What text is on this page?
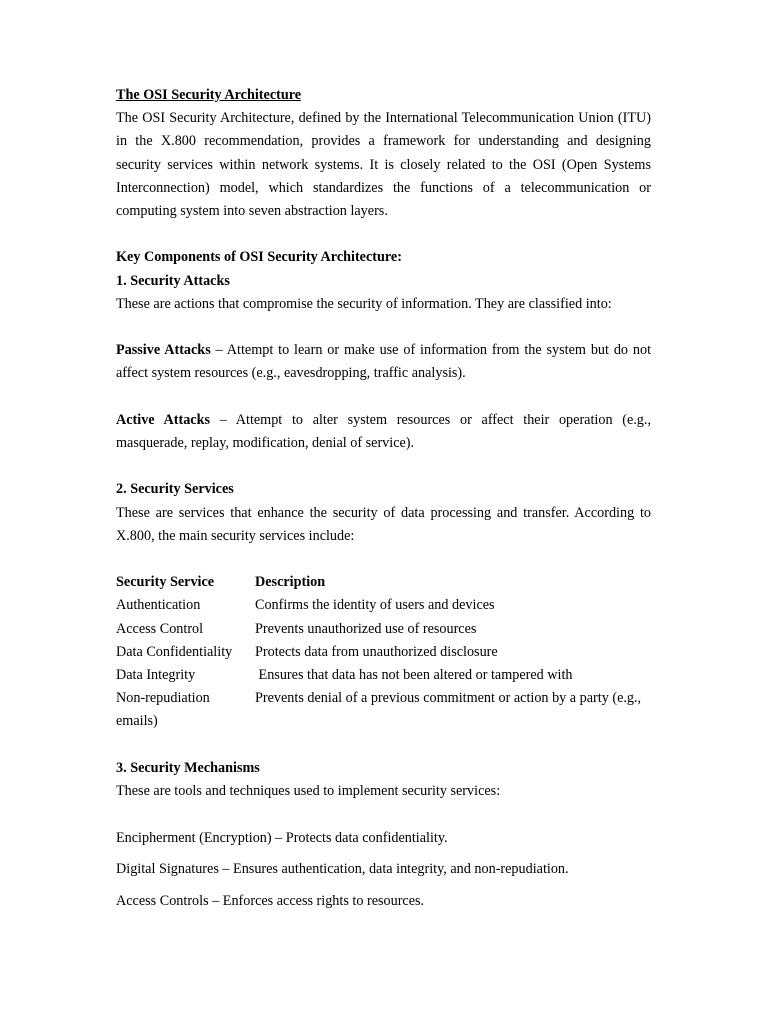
The OSI Security Architecture

The OSI Security Architecture, defined by the International Telecommunication Union (ITU) in the X.800 recommendation, provides a framework for understanding and designing security services within network systems. It is closely related to the OSI (Open Systems Interconnection) model, which standardizes the functions of a telecommunication or computing system into seven abstraction layers.

Key Components of OSI Security Architecture:

1. Security Attacks

These are actions that compromise the security of information. They are classified into:

Passive Attacks – Attempt to learn or make use of information from the system but do not affect system resources (e.g., eavesdropping, traffic analysis).

Active Attacks – Attempt to alter system resources or affect their operation (e.g., masquerade, replay, modification, denial of service).

2. Security Services

These are services that enhance the security of data processing and transfer. According to X.800, the main security services include:

Security Service	Description
Authentication	Confirms the identity of users and devices
Access Control	Prevents unauthorized use of resources
Data Confidentiality	Protects data from unauthorized disclosure
Data Integrity	Ensures that data has not been altered or tampered with
Non-repudiation	Prevents denial of a previous commitment or action by a party (e.g.,

emails)

3. Security Mechanisms

These are tools and techniques used to implement security services:

Encipherment (Encryption) – Protects data confidentiality.

Digital Signatures – Ensures authentication, data integrity, and non-repudiation.

Access Controls – Enforces access rights to resources.
